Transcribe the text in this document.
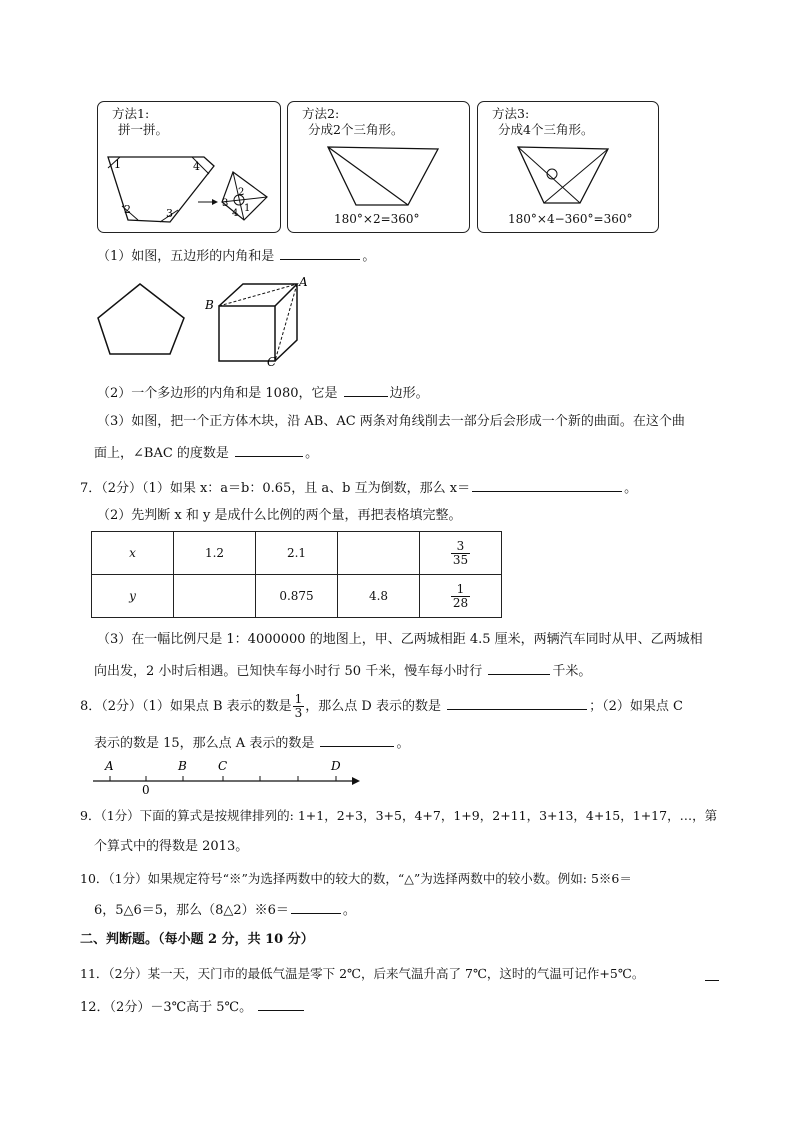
方法1:
拼一拼。
1	4
2	3
3
2
4 1
方法2:
分成2个三角形。
180°×2=360°
方法3:
分成4个三角形。
180°×4−360°=360°
（1）如图，五边形的内角和是	。
B
A
C
（2）一个多边形的内角和是 1080，它是	边形。
（3）如图，把一个正方体木块，沿 AB、AC 两条对角线削去一部分后会形成一个新的曲面。在这个曲
面上，∠BAC 的度数是	。
7．（2分）（1）如果 x：a＝b：0.65，且 a、b 互为倒数，那么 x＝	。
（2）先判断 x 和 y 是成什么比例的两个量，再把表格填完整。
x	1.2	2.1		$\frac{3}{35}$

y		0.875	4.8	$\frac{1}{28}$
（3）在一幅比例尺是 1：4000000 的地图上，甲、乙两城相距 4.5 厘米，两辆汽车同时从甲、乙两城相
向出发，2 小时后相遇。已知快车每小时行 50 千米，慢车每小时行	千米。
8．（2分）（1）如果点 B 表示的数是 $\frac{1}{3}$ ，那么点 D 表示的数是	；（2）如果点 C
表示的数是 15，那么点 A 表示的数是	。
A
0
B	C	D
9．（1分）下面的算式是按规律排列的: 1+1，2+3，3+5，4+7，1+9，2+11，3+13，4+15，1+17，…，第
个算式中的得数是 2013。
10．（1分）如果规定符号“※”为选择两数中的较大的数，“△”为选择两数中的较小数。例如: 5※6＝
6，5△6＝5，那么（8△2）※6＝	。
二、判断题。（每小题 2 分，共 10 分）
11．（2分）某一天，天门市的最低气温是零下 2℃，后来气温升高了 7℃，这时的气温可记作+5℃。
12．（2分）－3℃高于 5℃。
